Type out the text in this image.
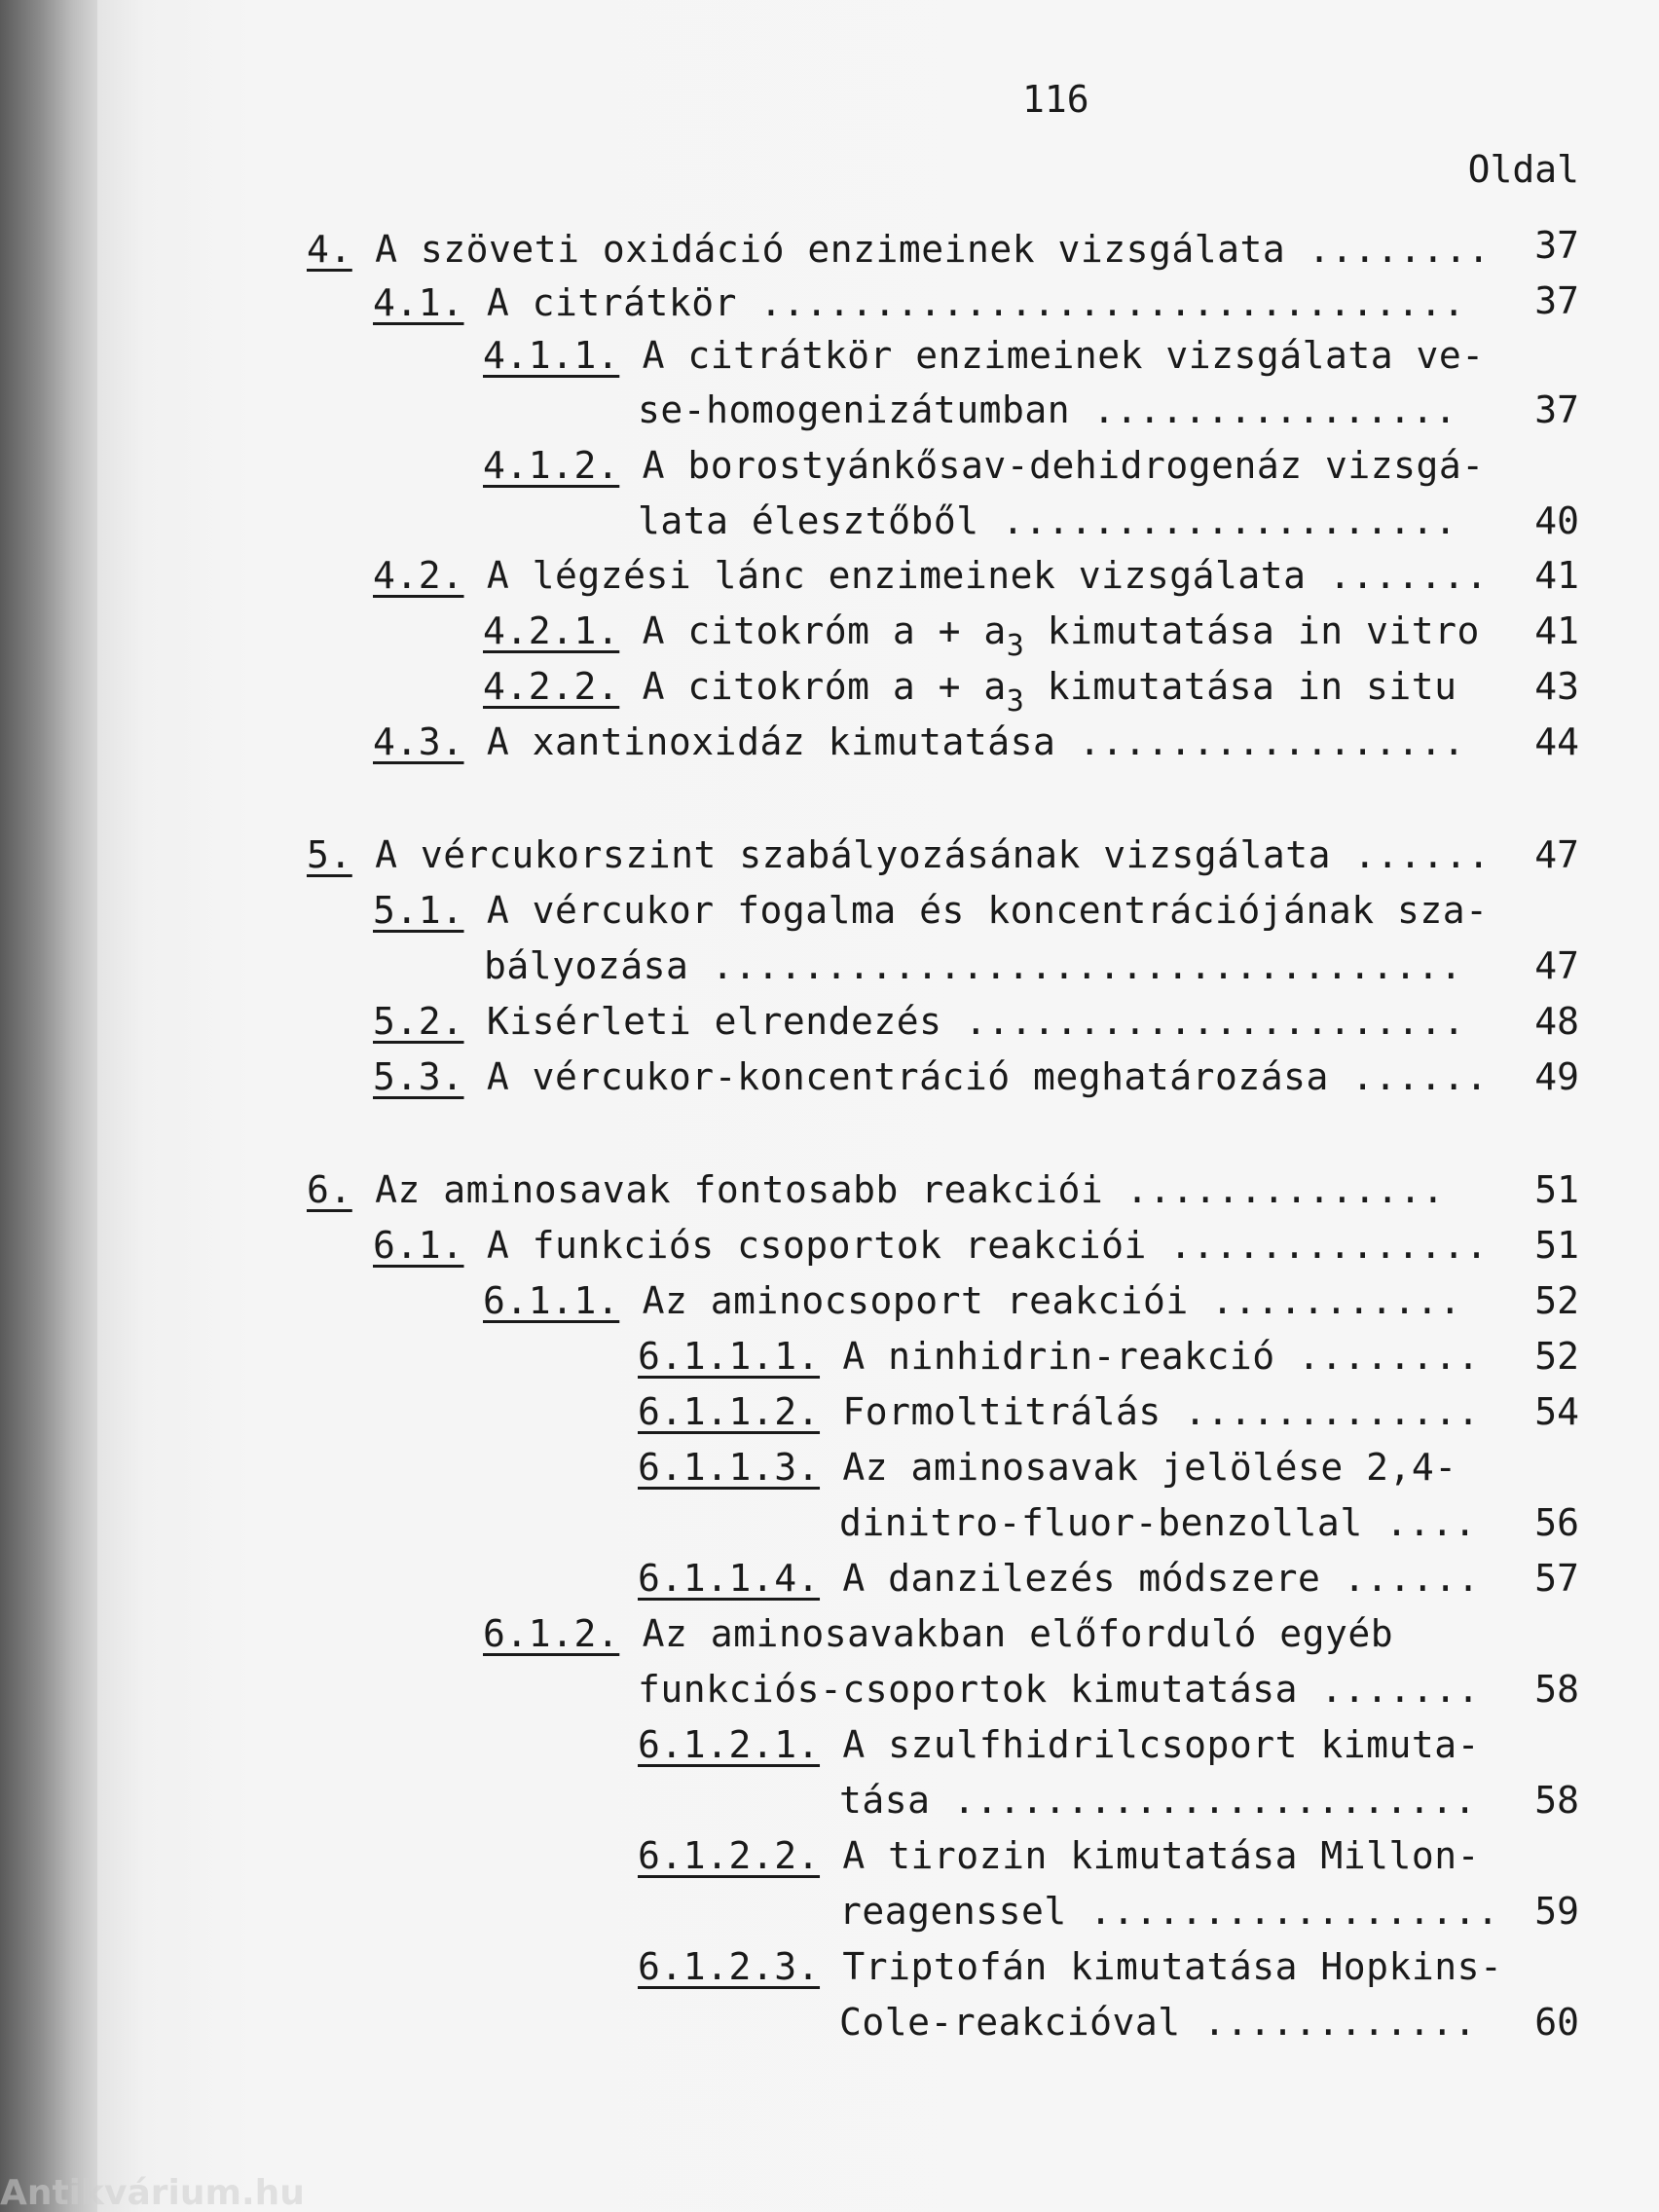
116
Oldal
4. A szöveti oxidáció enzimeinek vizsgálata ........ 37
4.1. A citrátkör ............................... 37
4.1.1. A citrátkör enzimeinek vizsgálata ve-
se-homogenizátumban ................ 37
4.1.2. A borostyánkősav-dehidrogenáz vizsgá-
lata élesztőből .................... 40
4.2. A légzési lánc enzimeinek vizsgálata ....... 41
4.2.1. A citokróm $a + a_3$ kimutatása in vitro 41
4.2.2. A citokróm $a + a_3$ kimutatása in situ 43
4.3. A xantinoxidáz kimutatása ................. 44
5. A vércukorszint szabályozásának vizsgálata ...... 47
5.1. A vércukor fogalma és koncentrációjának sza-
bályozása ................................. 47
5.2. Kisérleti elrendezés ...................... 48
5.3. A vércukor-koncentráció meghatározása ...... 49
6. Az aminosavak fontosabb reakciói .............. 51
6.1. A funkciós csoportok reakciói .............. 51
6.1.1. Az aminocsoport reakciói ........... 52
6.1.1.1. A ninhidrin-reakció ........ 52
6.1.1.2. Formoltitrálás ............. 54
6.1.1.3. Az aminosavak jelölése 2,4-
dinitro-fluor-benzollal .... 56
6.1.1.4. A danzilezés módszere ...... 57
6.1.2. Az aminosavakban előforduló egyéb
funkciós-csoportok kimutatása ....... 58
6.1.2.1. A szulfhidrilcsoport kimuta-
tása ....................... 58
6.1.2.2. A tirozin kimutatása Millon-
reagenssel .................. 59
6.1.2.3. Triptofán kimutatása Hopkins-
Cole-reakcióval ............ 60
Antikvárium.hu
